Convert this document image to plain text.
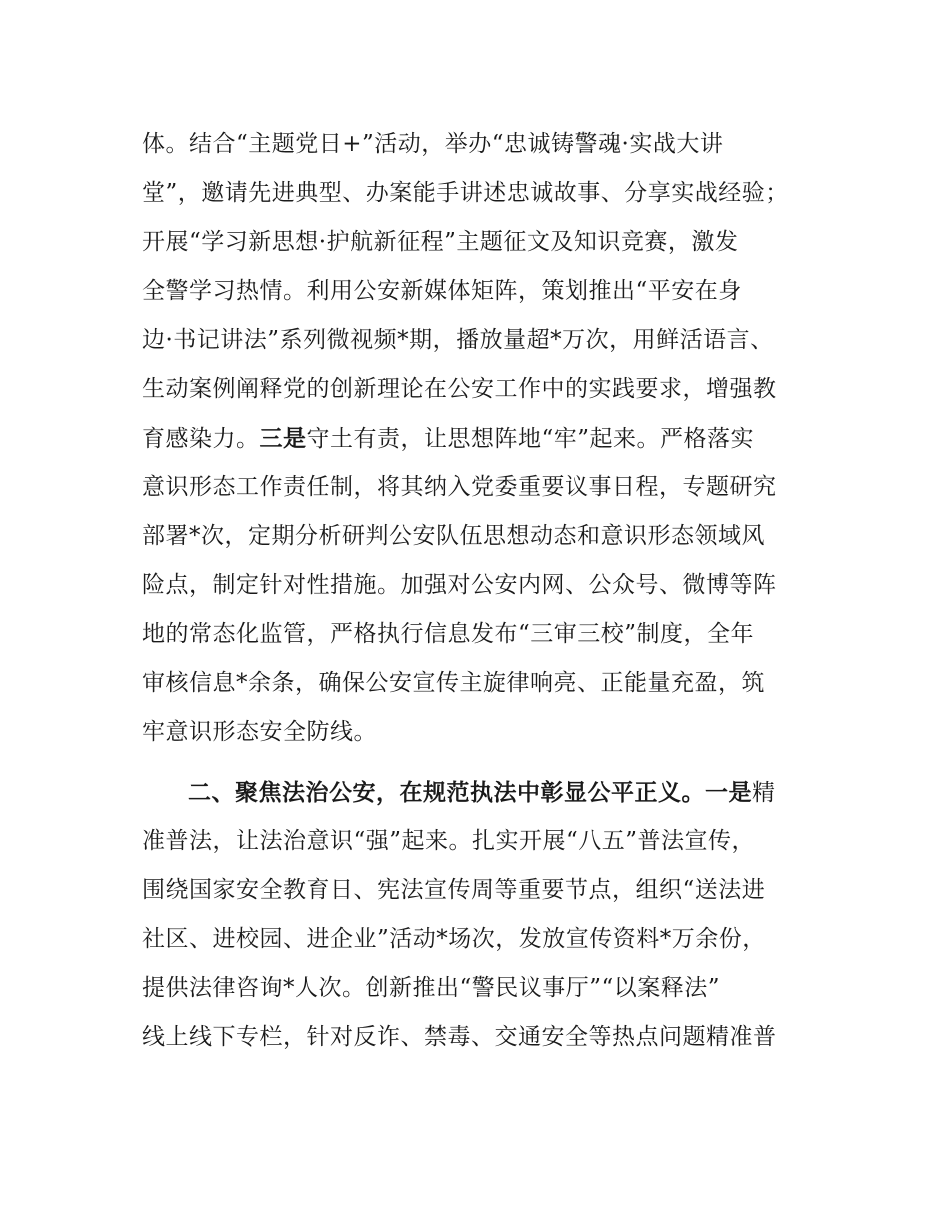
体。结合“主题党日+”活动，举办“忠诚铸警魂·实战大讲
堂”，邀请先进典型、办案能手讲述忠诚故事、分享实战经验；
开展“学习新思想·护航新征程”主题征文及知识竞赛，激发
全警学习热情。利用公安新媒体矩阵，策划推出“平安在身
边·书记讲法”系列微视频*期，播放量超*万次，用鲜活语言、
生动案例阐释党的创新理论在公安工作中的实践要求，增强教
育感染力。三是守土有责，让思想阵地“牢”起来。严格落实
意识形态工作责任制，将其纳入党委重要议事日程，专题研究
部署*次，定期分析研判公安队伍思想动态和意识形态领域风
险点，制定针对性措施。加强对公安内网、公众号、微博等阵
地的常态化监管，严格执行信息发布“三审三校”制度，全年
审核信息*余条，确保公安宣传主旋律响亮、正能量充盈，筑
牢意识形态安全防线。
二、聚焦法治公安，在规范执法中彰显公平正义。一是精
准普法，让法治意识“强”起来。扎实开展“八五”普法宣传，
围绕国家安全教育日、宪法宣传周等重要节点，组织“送法进
社区、进校园、进企业”活动*场次，发放宣传资料*万余份，
提供法律咨询*人次。创新推出“警民议事厅”“以案释法”
线上线下专栏，针对反诈、禁毒、交通安全等热点问题精准普
